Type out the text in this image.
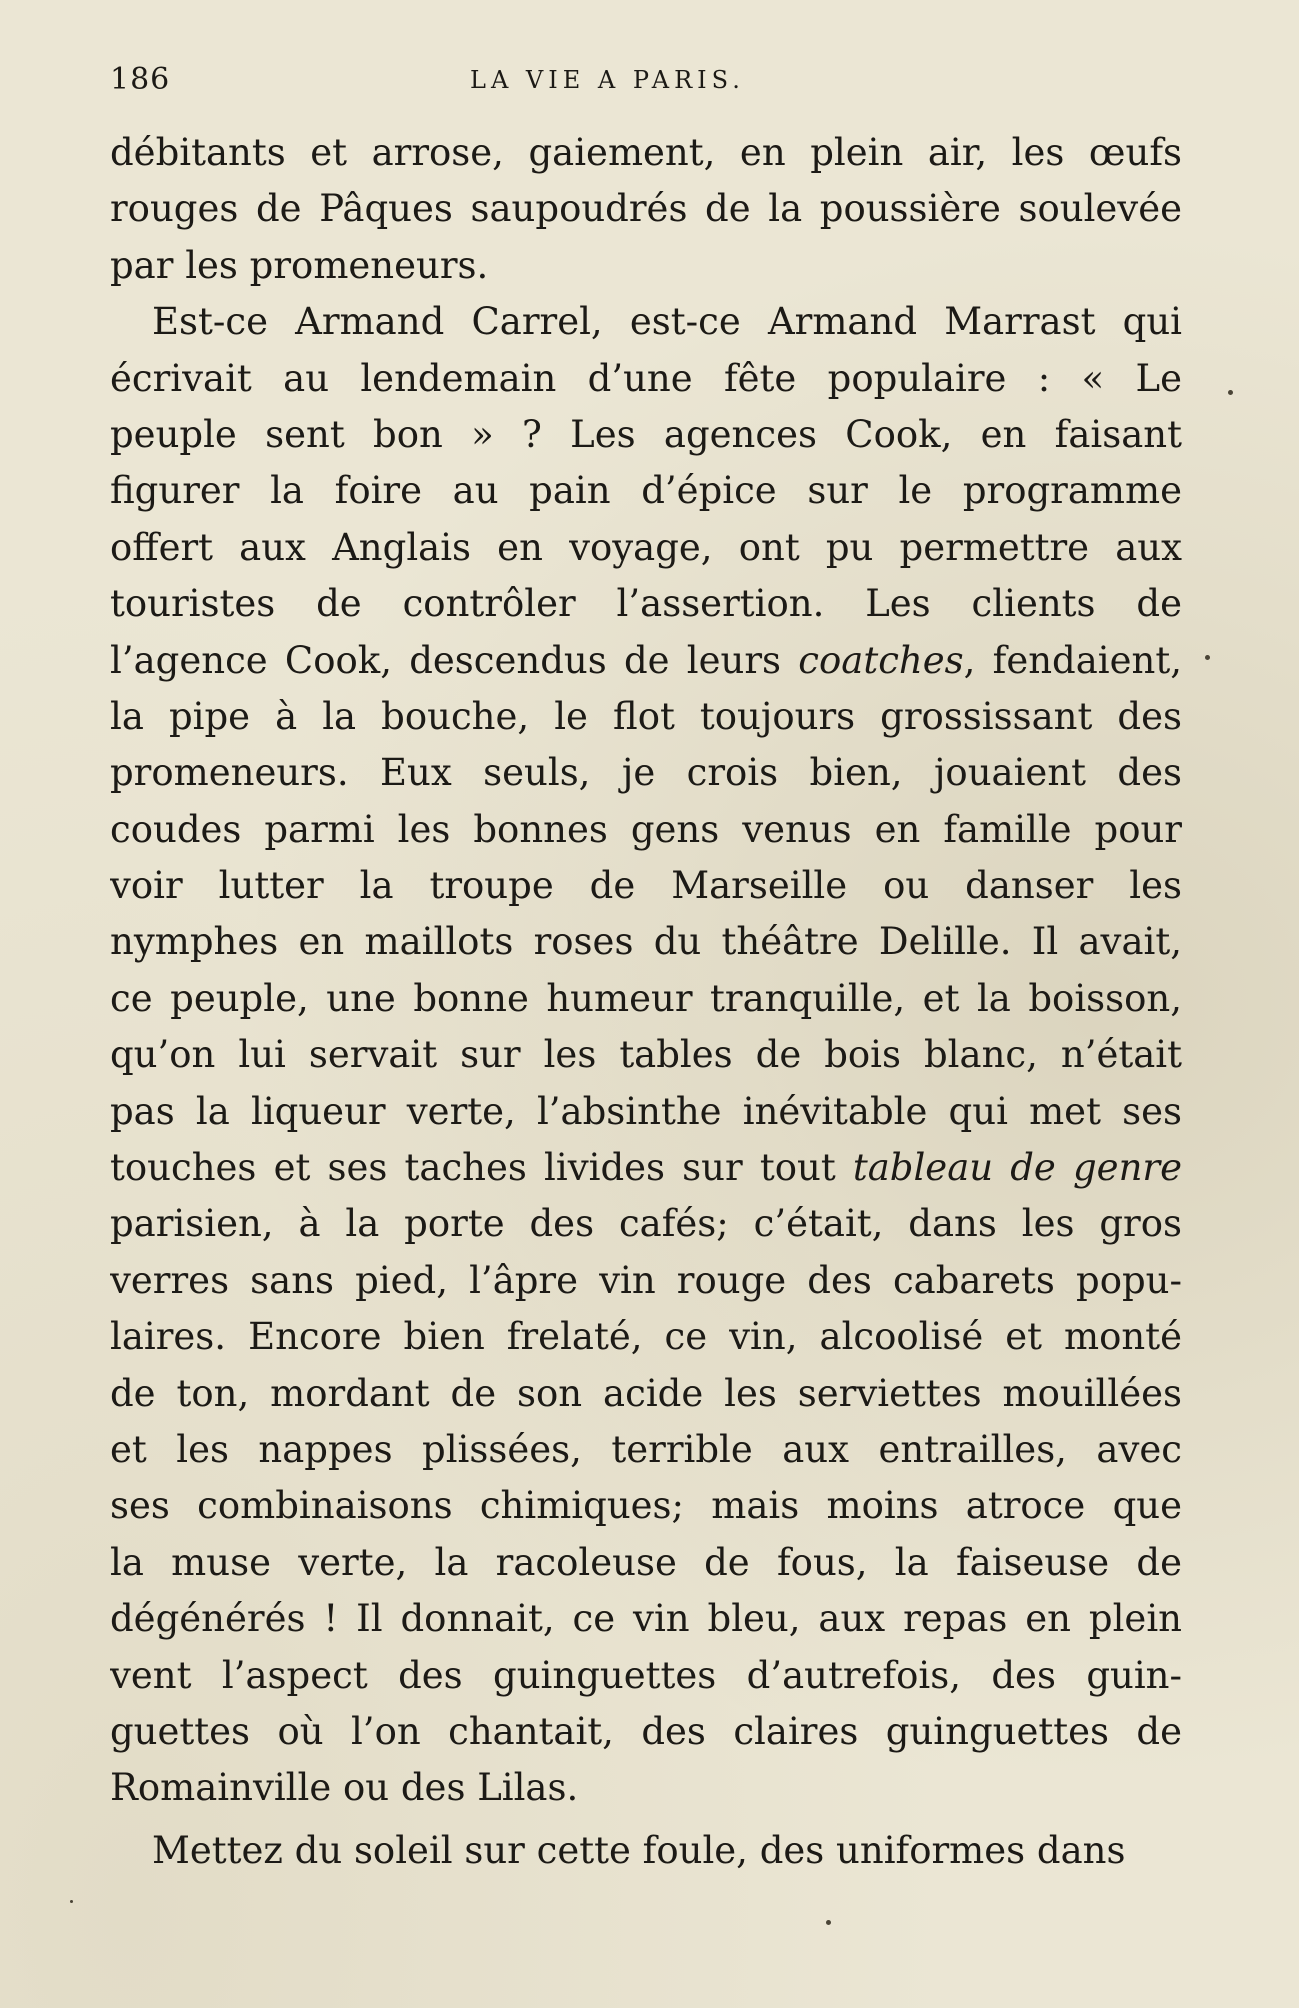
186	LA VIE A PARIS.
débitants et arrose, gaiement, en plein air, les œufs
rouges de Pâques saupoudrés de la poussière soulevée
par les promeneurs.
Est-ce Armand Carrel, est-ce Armand Marrast qui
écrivait au lendemain d’une fête populaire : « Le
peuple sent bon » ? Les agences Cook, en faisant
figurer la foire au pain d’épice sur le programme
offert aux Anglais en voyage, ont pu permettre aux
touristes de contrôler l’assertion. Les clients de
l’agence Cook, descendus de leurs coatches, fendaient,
la pipe à la bouche, le flot toujours grossissant des
promeneurs. Eux seuls, je crois bien, jouaient des
coudes parmi les bonnes gens venus en famille pour
voir lutter la troupe de Marseille ou danser les
nymphes en maillots roses du théâtre Delille. Il avait,
ce peuple, une bonne humeur tranquille, et la boisson,
qu’on lui servait sur les tables de bois blanc, n’était
pas la liqueur verte, l’absinthe inévitable qui met ses
touches et ses taches livides sur tout tableau de genre
parisien, à la porte des cafés; c’était, dans les gros
verres sans pied, l’âpre vin rouge des cabarets popu-
laires. Encore bien frelaté, ce vin, alcoolisé et monté
de ton, mordant de son acide les serviettes mouillées
et les nappes plissées, terrible aux entrailles, avec
ses combinaisons chimiques; mais moins atroce que
la muse verte, la racoleuse de fous, la faiseuse de
dégénérés ! Il donnait, ce vin bleu, aux repas en plein
vent l’aspect des guinguettes d’autrefois, des guin-
guettes où l’on chantait, des claires guinguettes de
Romainville ou des Lilas.
Mettez du soleil sur cette foule, des uniformes dans
